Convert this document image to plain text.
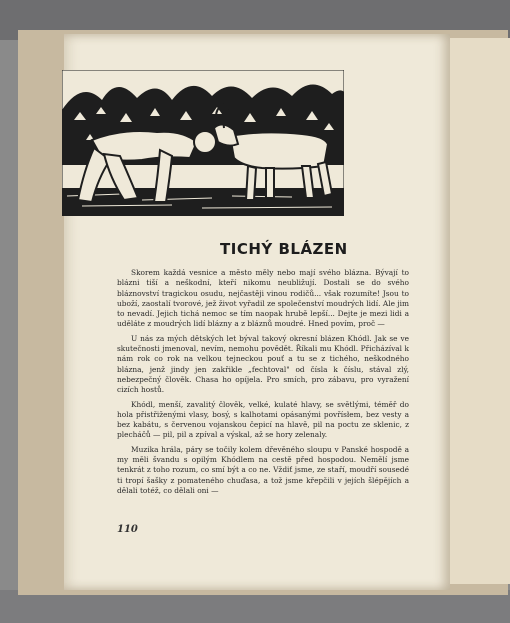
TICHÝ BLÁZEN

Skorem každá vesnice a město měly nebo mají svého blázna. Bývají to blázni tiší a neškodní, kteří nikomu neubližují. Dostali se do svého bláznovství tragickou osudu, nejčastěji vinou rodičů... však rozumíte! Jsou to uboží, zaostalí tvorové, jež život vyřadil ze společenství moudrých lidí. Ale jim to nevadí. Jejich tichá nemoc se tím naopak hrubě lepší... Dejte je mezi lidi a uděláte z moudrých lidí blázny a z bláznů moudré. Hned povím, proč —

U nás za mých dětských let býval takový okresní blázen Khódl. Jak se ve skutečnosti jmenoval, nevím, nemohu povědět. Říkali mu Khódl. Přicházíval k nám rok co rok na velkou tejneckou pouť a tu se z tichého, neškodného blázna, jenž jindy jen zakřikle „fechtoval" od čísla k číslu, stával zlý, nebezpečný člověk. Chasa ho opíjela. Pro smích, pro zábavu, pro vyražení cizích hostů.

Khódl, menší, zavalitý člověk, velké, kulaté hlavy, se světlými, téměř do hola přistřiženými vlasy, bosý, s kalhotami opásanými povřísłem, bez vesty a bez kabátu, s červenou vojanskou čepicí na hlavě, pil na poctu ze sklenic, z plecháčů — pil, pil a zpíval a výskal, až se hory zelenaly.

Muzika hrála, páry se točily kolem dřevěného sloupu v Panské hospodě a my měli švandu s opilým Khódlem na cestě před hospodou. Nemělí jsme tenkrát z toho rozum, co smí být a co ne. Vždiť jsme, ze staří, moudří sousedé ti tropí šašky z pomateného chuďasa, a tož jsme křepčili v jejích šlépějích a dělali totéž, co dělali oni —

110
